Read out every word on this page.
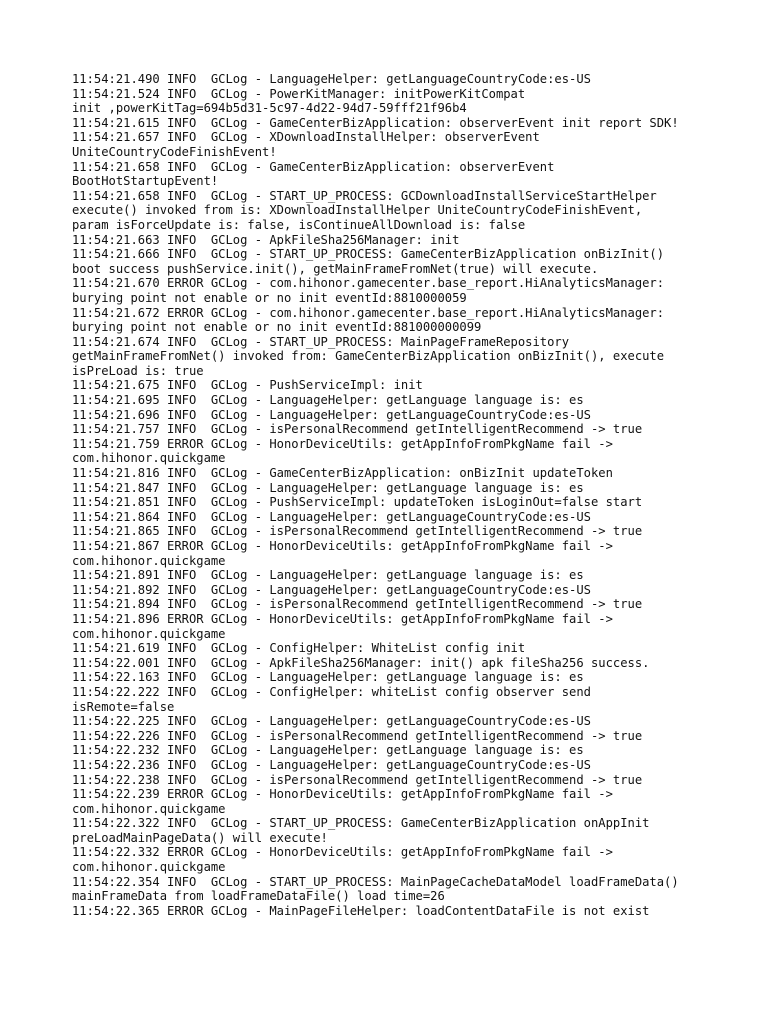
11:54:21.490 INFO  GCLog - LanguageHelper: getLanguageCountryCode:es-US

11:54:21.524 INFO  GCLog - PowerKitManager: initPowerKitCompat

init ,powerKitTag=694b5d31-5c97-4d22-94d7-59fff21f96b4

11:54:21.615 INFO  GCLog - GameCenterBizApplication: observerEvent init report SDK!

11:54:21.657 INFO  GCLog - XDownloadInstallHelper: observerEvent

UniteCountryCodeFinishEvent!

11:54:21.658 INFO  GCLog - GameCenterBizApplication: observerEvent

BootHotStartupEvent!

11:54:21.658 INFO  GCLog - START_UP_PROCESS: GCDownloadInstallServiceStartHelper

execute() invoked from is: XDownloadInstallHelper UniteCountryCodeFinishEvent,

param isForceUpdate is: false, isContinueAllDownload is: false

11:54:21.663 INFO  GCLog - ApkFileSha256Manager: init

11:54:21.666 INFO  GCLog - START_UP_PROCESS: GameCenterBizApplication onBizInit()

boot success pushService.init(), getMainFrameFromNet(true) will execute.

11:54:21.670 ERROR GCLog - com.hihonor.gamecenter.base_report.HiAnalyticsManager:

burying point not enable or no init eventId:8810000059

11:54:21.672 ERROR GCLog - com.hihonor.gamecenter.base_report.HiAnalyticsManager:

burying point not enable or no init eventId:881000000099

11:54:21.674 INFO  GCLog - START_UP_PROCESS: MainPageFrameRepository

getMainFrameFromNet() invoked from: GameCenterBizApplication onBizInit(), execute

isPreLoad is: true

11:54:21.675 INFO  GCLog - PushServiceImpl: init

11:54:21.695 INFO  GCLog - LanguageHelper: getLanguage language is: es

11:54:21.696 INFO  GCLog - LanguageHelper: getLanguageCountryCode:es-US

11:54:21.757 INFO  GCLog - isPersonalRecommend getIntelligentRecommend -> true

11:54:21.759 ERROR GCLog - HonorDeviceUtils: getAppInfoFromPkgName fail ->

com.hihonor.quickgame

11:54:21.816 INFO  GCLog - GameCenterBizApplication: onBizInit updateToken

11:54:21.847 INFO  GCLog - LanguageHelper: getLanguage language is: es

11:54:21.851 INFO  GCLog - PushServiceImpl: updateToken isLoginOut=false start

11:54:21.864 INFO  GCLog - LanguageHelper: getLanguageCountryCode:es-US

11:54:21.865 INFO  GCLog - isPersonalRecommend getIntelligentRecommend -> true

11:54:21.867 ERROR GCLog - HonorDeviceUtils: getAppInfoFromPkgName fail ->

com.hihonor.quickgame

11:54:21.891 INFO  GCLog - LanguageHelper: getLanguage language is: es

11:54:21.892 INFO  GCLog - LanguageHelper: getLanguageCountryCode:es-US

11:54:21.894 INFO  GCLog - isPersonalRecommend getIntelligentRecommend -> true

11:54:21.896 ERROR GCLog - HonorDeviceUtils: getAppInfoFromPkgName fail ->

com.hihonor.quickgame

11:54:21.619 INFO  GCLog - ConfigHelper: WhiteList config init

11:54:22.001 INFO  GCLog - ApkFileSha256Manager: init() apk fileSha256 success.

11:54:22.163 INFO  GCLog - LanguageHelper: getLanguage language is: es

11:54:22.222 INFO  GCLog - ConfigHelper: whiteList config observer send

isRemote=false

11:54:22.225 INFO  GCLog - LanguageHelper: getLanguageCountryCode:es-US

11:54:22.226 INFO  GCLog - isPersonalRecommend getIntelligentRecommend -> true

11:54:22.232 INFO  GCLog - LanguageHelper: getLanguage language is: es

11:54:22.236 INFO  GCLog - LanguageHelper: getLanguageCountryCode:es-US

11:54:22.238 INFO  GCLog - isPersonalRecommend getIntelligentRecommend -> true

11:54:22.239 ERROR GCLog - HonorDeviceUtils: getAppInfoFromPkgName fail ->

com.hihonor.quickgame

11:54:22.322 INFO  GCLog - START_UP_PROCESS: GameCenterBizApplication onAppInit

preLoadMainPageData() will execute!

11:54:22.332 ERROR GCLog - HonorDeviceUtils: getAppInfoFromPkgName fail ->

com.hihonor.quickgame

11:54:22.354 INFO  GCLog - START_UP_PROCESS: MainPageCacheDataModel loadFrameData()

mainFrameData from loadFrameDataFile() load time=26

11:54:22.365 ERROR GCLog - MainPageFileHelper: loadContentDataFile is not exist
